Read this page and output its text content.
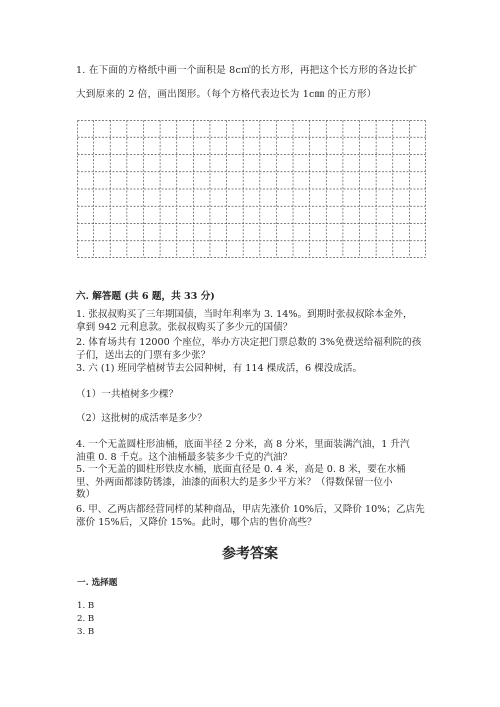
1. 在下面的方格纸中画一个面积是 8c㎡的长方形，再把这个长方形的各边长扩
大到原来的 2 倍，画出图形。（每个方格代表边长为 1c㎜ 的正方形）
六. 解答题 (共 6 题，共 33 分)
1. 张叔叔购买了三年期国债，当时年利率为 3. 14%。到期时张叔叔除本金外，
拿到 942 元利息款。张叔叔购买了多少元的国债？
2. 体育场共有 12000 个座位，举办方决定把门票总数的 3%免费送给福利院的孩
子们，送出去的门票有多少张？
3. 六 (1) 班同学植树节去公园种树，有 114 棵成活，6 棵没成活。
（1）一共植树多少棵？
（2）这批树的成活率是多少？
4. 一个无盖圆柱形油桶，底面半径 2 分米，高 8 分米，里面装满汽油，1 升汽
油重 0. 8 千克。这个油桶最多装多少千克的汽油？
5. 一个无盖的圆柱形铁皮水桶，底面直径是 0. 4 米，高是 0. 8 米，要在水桶
里、外两面都漆防锈漆，油漆的面积大约是多少平方米？（得数保留一位小
数）
6. 甲、乙两店都经营同样的某种商品，甲店先涨价 10%后，又降价 10%；乙店先
涨价 15%后，又降价 15%。此时，哪个店的售价高些？
参考答案
一. 选择题
1. B
2. B
3. B
